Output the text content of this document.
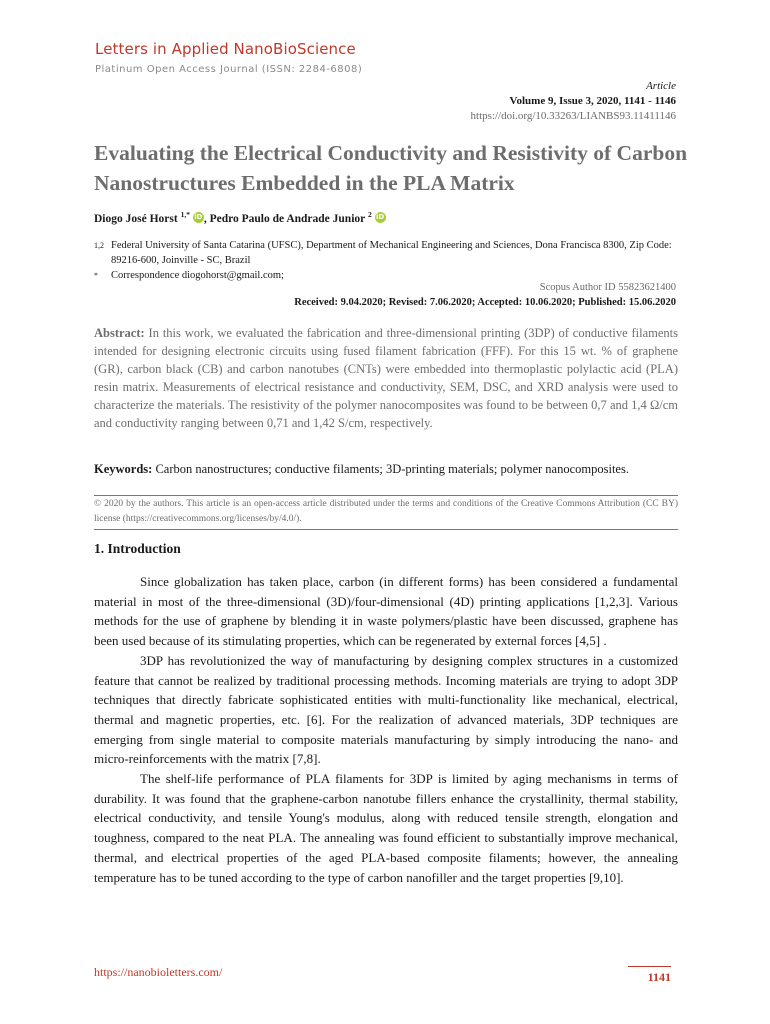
Letters in Applied NanoBioScience
Platinum Open Access Journal (ISSN: 2284-6808)
Article
Volume 9, Issue 3, 2020, 1141 - 1146
https://doi.org/10.33263/LIANBS93.11411146
Evaluating the Electrical Conductivity and Resistivity of Carbon Nanostructures Embedded in the PLA Matrix
Diogo José Horst $^{1,*}$ iD, Pedro Paulo de Andrade Junior $^2$ iD
1,2 Federal University of Santa Catarina (UFSC), Department of Mechanical Engineering and Sciences, Dona Francisca 8300, Zip Code: 89216-600, Joinville - SC, Brazil
* Correspondence diogohorst@gmail.com;
Scopus Author ID 55823621400
Received: 9.04.2020; Revised: 7.06.2020; Accepted: 10.06.2020; Published: 15.06.2020
Abstract: In this work, we evaluated the fabrication and three-dimensional printing (3DP) of conductive filaments intended for designing electronic circuits using fused filament fabrication (FFF). For this 15 wt. % of graphene (GR), carbon black (CB) and carbon nanotubes (CNTs) were embedded into thermoplastic polylactic acid (PLA) resin matrix. Measurements of electrical resistance and conductivity, SEM, DSC, and XRD analysis were used to characterize the materials. The resistivity of the polymer nanocomposites was found to be between 0,7 and 1,4 Ω/cm and conductivity ranging between 0,71 and 1,42 S/cm, respectively.
Keywords: Carbon nanostructures; conductive filaments; 3D-printing materials; polymer nanocomposites.
© 2020 by the authors. This article is an open-access article distributed under the terms and conditions of the Creative Commons Attribution (CC BY) license (https://creativecommons.org/licenses/by/4.0/).
1. Introduction

Since globalization has taken place, carbon (in different forms) has been considered a fundamental material in most of the three-dimensional (3D)/four-dimensional (4D) printing applications [1,2,3]. Various methods for the use of graphene by blending it in waste polymers/plastic have been discussed, graphene has been used because of its stimulating properties, which can be regenerated by external forces [4,5] .

3DP has revolutionized the way of manufacturing by designing complex structures in a customized feature that cannot be realized by traditional processing methods. Incoming materials are trying to adopt 3DP techniques that directly fabricate sophisticated entities with multi-functionality like mechanical, electrical, thermal and magnetic properties, etc. [6]. For the realization of advanced materials, 3DP techniques are emerging from single material to composite materials manufacturing by simply introducing the nano- and micro-reinforcements with the matrix [7,8].

The shelf-life performance of PLA filaments for 3DP is limited by aging mechanisms in terms of durability. It was found that the graphene-carbon nanotube fillers enhance the crystallinity, thermal stability, electrical conductivity, and tensile Young's modulus, along with reduced tensile strength, elongation and toughness, compared to the neat PLA. The annealing was found efficient to substantially improve mechanical, thermal, and electrical properties of the aged PLA-based composite filaments; however, the annealing temperature has to be tuned according to the type of carbon nanofiller and the target properties [9,10].

https://nanobioletters.com/	1141
